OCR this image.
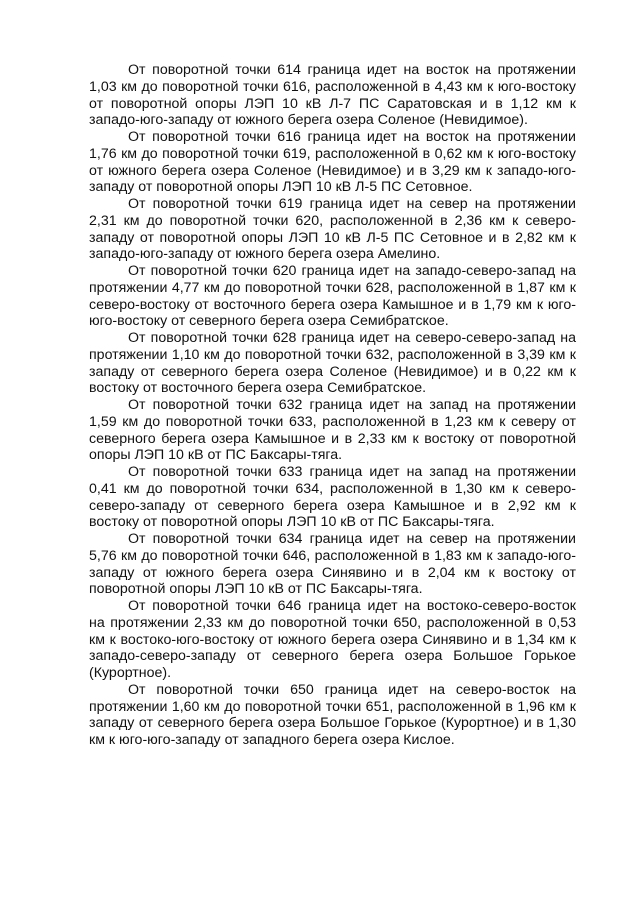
От поворотной точки 614 граница идет на восток на протяжении 1,03 км до поворотной точки 616, расположенной в 4,43 км к юго-востоку от поворотной опоры ЛЭП 10 кВ Л-7 ПС Саратовская и в 1,12 км к западо-юго-западу от южного берега озера Соленое (Невидимое).

От поворотной точки 616 граница идет на восток на протяжении 1,76 км до поворотной точки 619, расположенной в 0,62 км к юго-востоку от южного берега озера Соленое (Невидимое) и в 3,29 км к западо-юго-западу от поворотной опоры ЛЭП 10 кВ Л-5 ПС Сетовное.

От поворотной точки 619 граница идет на север на протяжении 2,31 км до поворотной точки 620, расположенной в 2,36 км к северо-западу от поворотной опоры ЛЭП 10 кВ Л-5 ПС Сетовное и в 2,82 км к западо-юго-западу от южного берега озера Амелино.

От поворотной точки 620 граница идет на западо-северо-запад на протяжении 4,77 км до поворотной точки 628, расположенной в 1,87 км к северо-востоку от восточного берега озера Камышное и в 1,79 км к юго-юго-востоку от северного берега озера Семибратское.

От поворотной точки 628 граница идет на северо-северо-запад на протяжении 1,10 км до поворотной точки 632, расположенной в 3,39 км к западу от северного берега озера Соленое (Невидимое) и в 0,22 км к востоку от восточного берега озера Семибратское.

От поворотной точки 632 граница идет на запад на протяжении 1,59 км до поворотной точки 633, расположенной в 1,23 км к северу от северного берега озера Камышное и в 2,33 км к востоку от поворотной опоры ЛЭП 10 кВ от ПС Баксары-тяга.

От поворотной точки 633 граница идет на запад на протяжении 0,41 км до поворотной точки 634, расположенной в 1,30 км к северо-северо-западу от северного берега озера Камышное и в 2,92 км к востоку от поворотной опоры ЛЭП 10 кВ от ПС Баксары-тяга.

От поворотной точки 634 граница идет на север на протяжении 5,76 км до поворотной точки 646, расположенной в 1,83 км к западо-юго-западу от южного берега озера Синявино и в 2,04 км к востоку от поворотной опоры ЛЭП 10 кВ от ПС Баксары-тяга.

От поворотной точки 646 граница идет на востоко-северо-восток на протяжении 2,33 км до поворотной точки 650, расположенной в 0,53 км к востоко-юго-востоку от южного берега озера Синявино и в 1,34 км к западо-северо-западу от северного берега озера Большое Горькое (Курортное).

От поворотной точки 650 граница идет на северо-восток на протяжении 1,60 км до поворотной точки 651, расположенной в 1,96 км к западу от северного берега озера Большое Горькое (Курортное) и в 1,30 км к юго-юго-западу от западного берега озера Кислое.
